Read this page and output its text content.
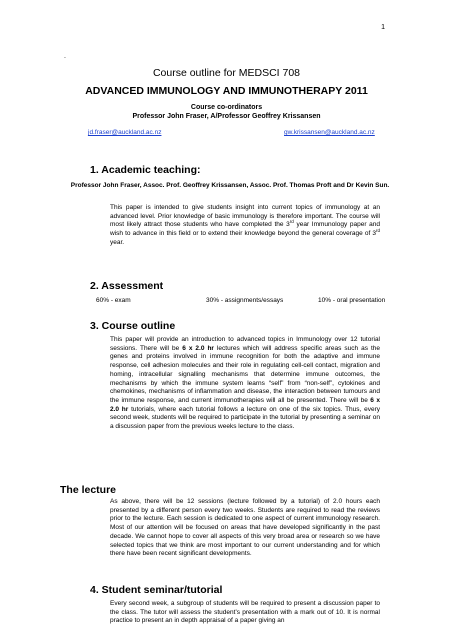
1
.
Course outline for MEDSCI 708
ADVANCED IMMUNOLOGY AND IMMUNOTHERAPY 2011
Course co-ordinators
Professor John Fraser, A/Professor Geoffrey Krissansen
jd.fraser@auckland.ac.nz	gw.krissansen@auckland.ac.nz
1. Academic teaching:
Professor John Fraser, Assoc. Prof. Geoffrey Krissansen, Assoc. Prof. Thomas Proft and Dr Kevin Sun.
This paper is intended to give students insight into current topics of immunology at an advanced level. Prior knowledge of basic immunology is therefore important. The course will most likely attract those students who have completed the 3rd year Immunology paper and wish to advance in this field or to extend their knowledge beyond the general coverage of 3rd year.
2. Assessment
60% - exam	30% - assignments/essays	10% - oral presentation
3. Course outline
This paper will provide an introduction to advanced topics in Immunology over 12 tutorial sessions. There will be 6 x 2.0 hr lectures which will address specific areas such as the genes and proteins involved in immune recognition for both the adaptive and immune response, cell adhesion molecules and their role in regulating cell-cell contact, migration and homing, intracellular signalling mechanisms that determine immune outcomes, the mechanisms by which the immune system learns “self” from “non-self”, cytokines and chemokines, mechanisms of inflammation and disease, the interaction between tumours and the immune response, and current immunotherapies will all be presented. There will be 6 x 2.0 hr tutorials, where each tutorial follows a lecture on one of the six topics. Thus, every second week, students will be required to participate in the tutorial by presenting a seminar on a discussion paper from the previous weeks lecture to the class.
The lecture
As above, there will be 12 sessions (lecture followed by a tutorial) of 2.0 hours each presented by a different person every two weeks. Students are required to read the reviews prior to the lecture. Each session is dedicated to one aspect of current immunology research. Most of our attention will be focused on areas that have developed significantly in the past decade. We cannot hope to cover all aspects of this very broad area or research so we have selected topics that we think are most important to our current understanding and for which there have been recent significant developments.
4. Student seminar/tutorial
Every second week, a subgroup of students will be required to present a discussion paper to the class. The tutor will assess the student’s presentation with a mark out of 10. It is normal practice to present an in depth appraisal of a paper giving an
